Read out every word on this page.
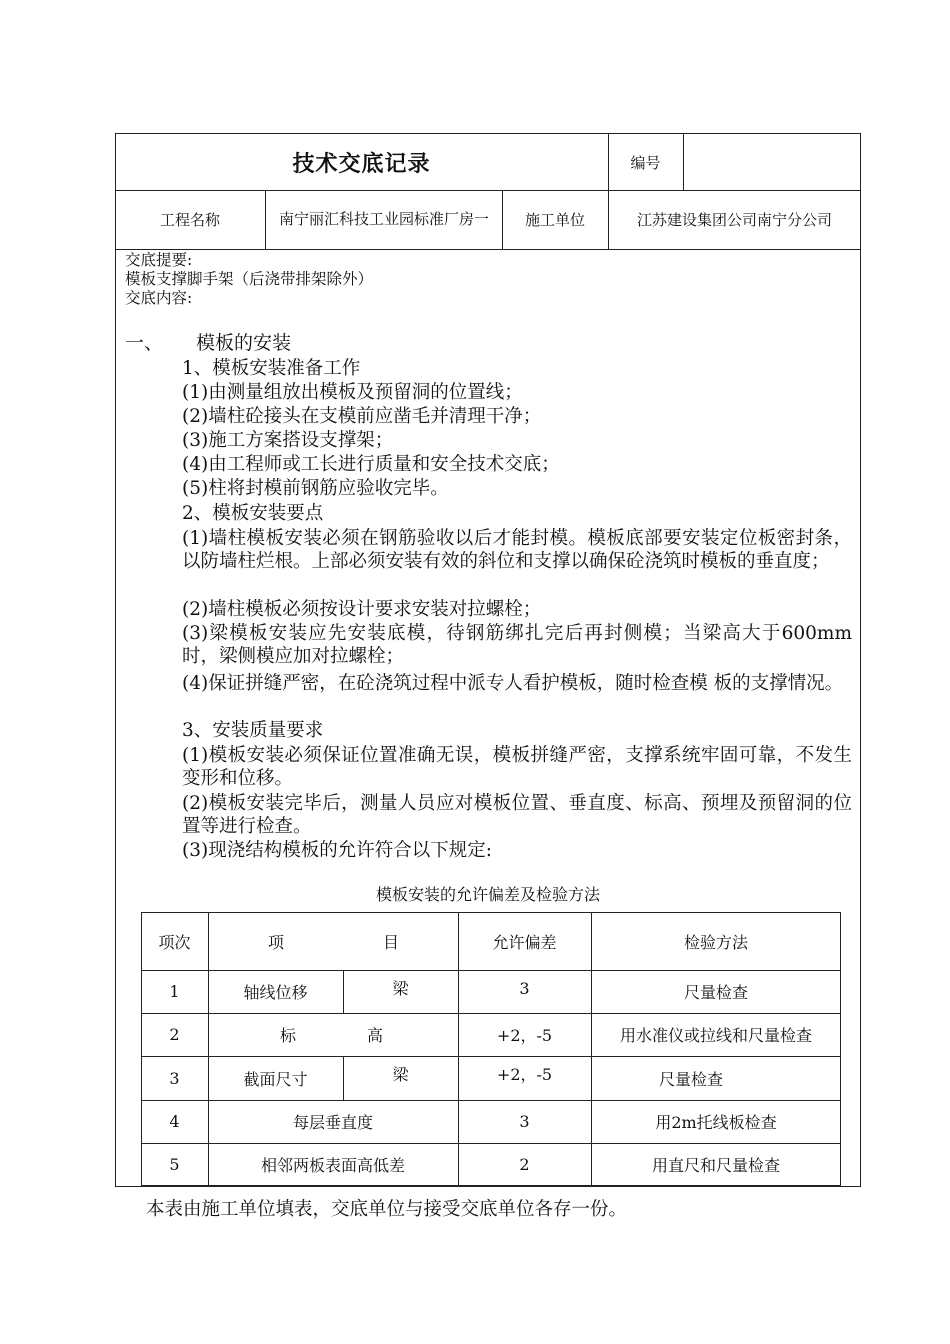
技术交底记录	编号
工程名称	南宁丽汇科技工业园标准厂房一	施工单位	江苏建设集团公司南宁分公司
交底提要:
模板支撑脚手架（后浇带排架除外）
交底内容:
一、 模板的安装
1、模板安装准备工作
(1)由测量组放出模板及预留洞的位置线；
(2)墙柱砼接头在支模前应凿毛并清理干净；
(3)施工方案搭设支撑架；
(4)由工程师或工长进行质量和安全技术交底；
(5)柱将封模前钢筋应验收完毕。
2、模板安装要点
(1)墙柱模板安装必须在钢筋验收以后才能封模。模板底部要安装定位板密封条，以防墙柱烂根。上部必须安装有效的斜位和支撑以确保砼浇筑时模板的垂直度；
(2)墙柱模板必须按设计要求安装对拉螺栓；
(3)梁模板安装应先安装底模，待钢筋绑扎完后再封侧模；当梁高大于600mm时，梁侧模应加对拉螺栓；
(4)保证拼缝严密，在砼浇筑过程中派专人看护模板，随时检查模 板的支撑情况。
3、安装质量要求
(1)模板安装必须保证位置准确无误，模板拼缝严密，支撑系统牢固可靠，不发生变形和位移。
(2)模板安装完毕后，测量人员应对模板位置、垂直度、标高、预埋及预留洞的位置等进行检查。
(3)现浇结构模板的允许符合以下规定:
模板安装的允许偏差及检验方法
项次	项	目	允许偏差	检验方法
1	轴线位移	梁	3	尺量检查
2	标	高	+2，-5	用水准仪或拉线和尺量检查
3	截面尺寸	梁	+2，-5	尺量检查
4	每层垂直度	3	用2m托线板检查
5	相邻两板表面高低差	2	用直尺和尺量检查
本表由施工单位填表，交底单位与接受交底单位各存一份。
